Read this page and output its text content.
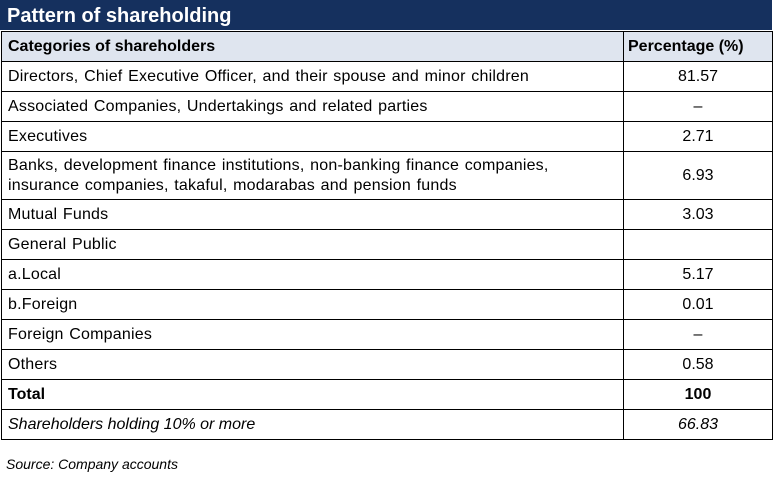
Pattern of shareholding
Categories of shareholders	Percentage (%)
Directors, Chief Executive Officer, and their spouse and minor children	81.57
Associated Companies, Undertakings and related parties	–
Executives	2.71
Banks, development finance institutions, non-banking finance companies, insurance companies, takaful, modarabas and pension funds	6.93
Mutual Funds	3.03
General Public	
a.Local	5.17
b.Foreign	0.01
Foreign Companies	–
Others	0.58
Total	100
Shareholders holding 10% or more	66.83
Source: Company accounts
